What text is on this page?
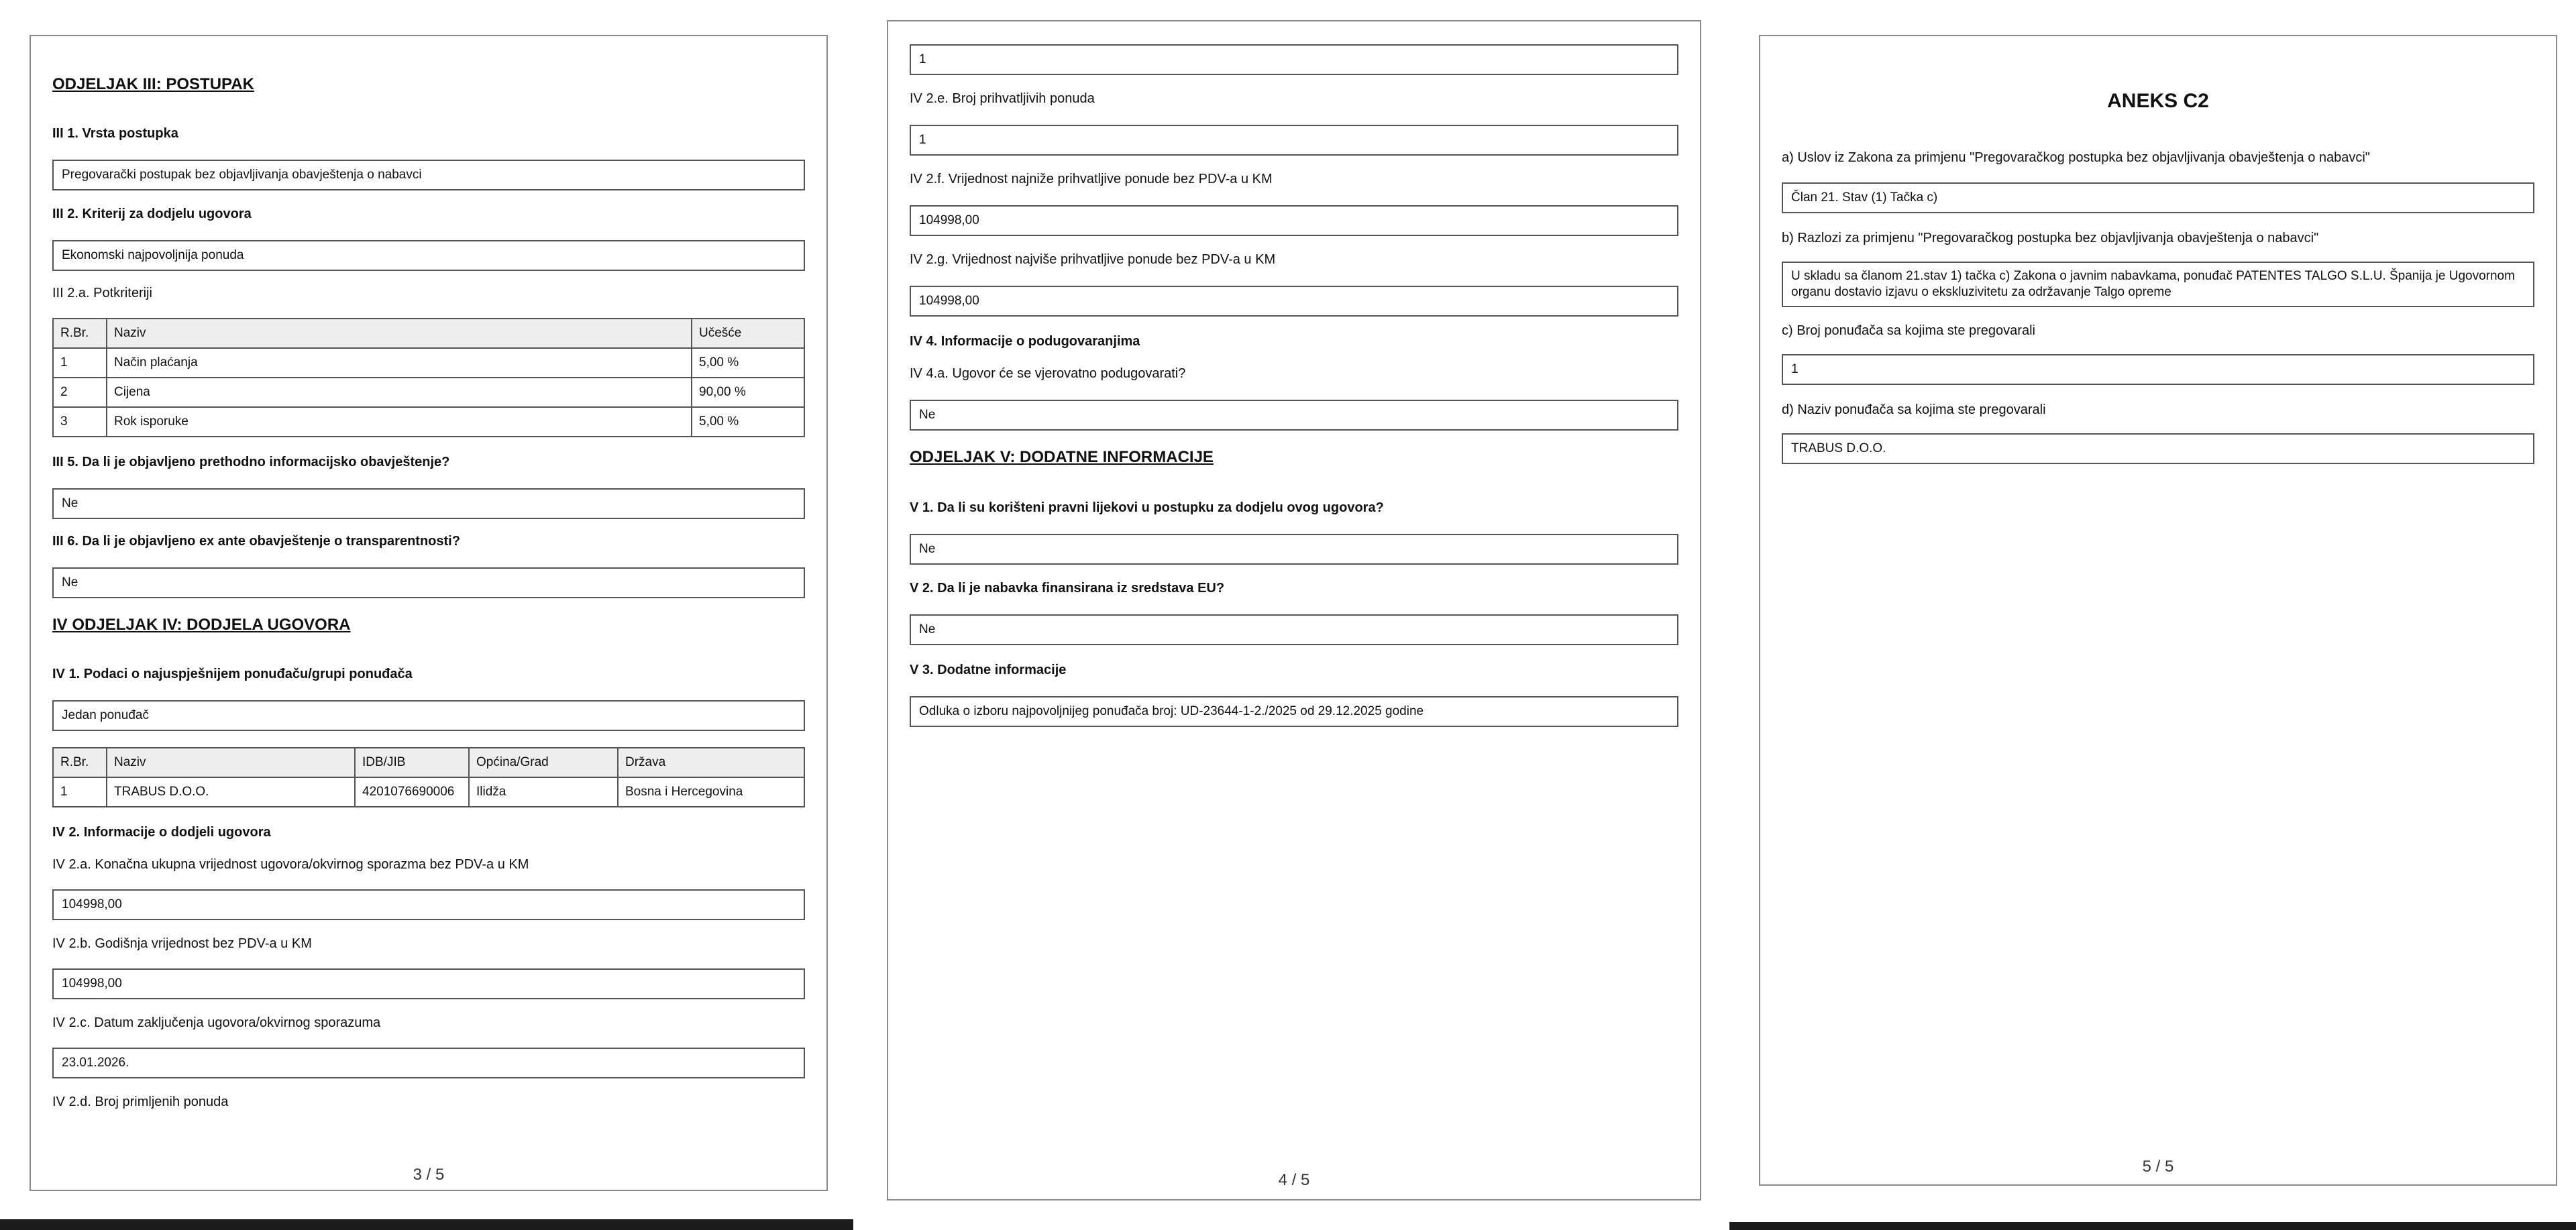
ODJELJAK III: POSTUPAK
III 1. Vrsta postupka
Pregovarački postupak bez objavljivanja obavještenja o nabavci
III 2. Kriterij za dodjelu ugovora
Ekonomski najpovoljnija ponuda
III 2.a. Potkriteriji
R.Br.	Naziv	Učešće
1	Način plaćanja	5,00 %
2	Cijena	90,00 %
3	Rok isporuke	5,00 %
III 5. Da li je objavljeno prethodno informacijsko obavještenje?
Ne
III 6. Da li je objavljeno ex ante obavještenje o transparentnosti?
Ne
IV ODJELJAK IV: DODJELA UGOVORA
IV 1. Podaci o najuspješnijem ponuđaču/grupi ponuđača
Jedan ponuđač
R.Br.	Naziv	IDB/JIB	Općina/Grad	Država
1	TRABUS D.O.O.	4201076690006	Ilidža	Bosna i Hercegovina
IV 2. Informacije o dodjeli ugovora
IV 2.a. Konačna ukupna vrijednost ugovora/okvirnog sporazma bez PDV-a u KM
104998,00
IV 2.b. Godišnja vrijednost bez PDV-a u KM
104998,00
IV 2.c. Datum zaključenja ugovora/okvirnog sporazuma
23.01.2026.
IV 2.d. Broj primljenih ponuda
3 / 5
1
IV 2.e. Broj prihvatljivih ponuda
1
IV 2.f. Vrijednost najniže prihvatljive ponude bez PDV-a u KM
104998,00
IV 2.g. Vrijednost najviše prihvatljive ponude bez PDV-a u KM
104998,00
IV 4. Informacije o podugovaranjima
IV 4.a. Ugovor će se vjerovatno podugovarati?
Ne
ODJELJAK V: DODATNE INFORMACIJE
V 1. Da li su korišteni pravni lijekovi u postupku za dodjelu ovog ugovora?
Ne
V 2. Da li je nabavka finansirana iz sredstava EU?
Ne
V 3. Dodatne informacije
Odluka o izboru najpovoljnijeg ponuđača broj: UD-23644-1-2./2025 od 29.12.2025 godine
4 / 5
ANEKS C2
a) Uslov iz Zakona za primjenu "Pregovaračkog postupka bez objavljivanja obavještenja o nabavci"
Član 21. Stav (1) Tačka c)
b) Razlozi za primjenu "Pregovaračkog postupka bez objavljivanja obavještenja o nabavci"
U skladu sa članom 21.stav 1) tačka c) Zakona o javnim nabavkama, ponuđač PATENTES TALGO S.L.U. Španija je Ugovornom organu dostavio izjavu o ekskluzivitetu za održavanje Talgo opreme
c) Broj ponuđača sa kojima ste pregovarali
1
d) Naziv ponuđača sa kojima ste pregovarali
TRABUS D.O.O.
5 / 5
